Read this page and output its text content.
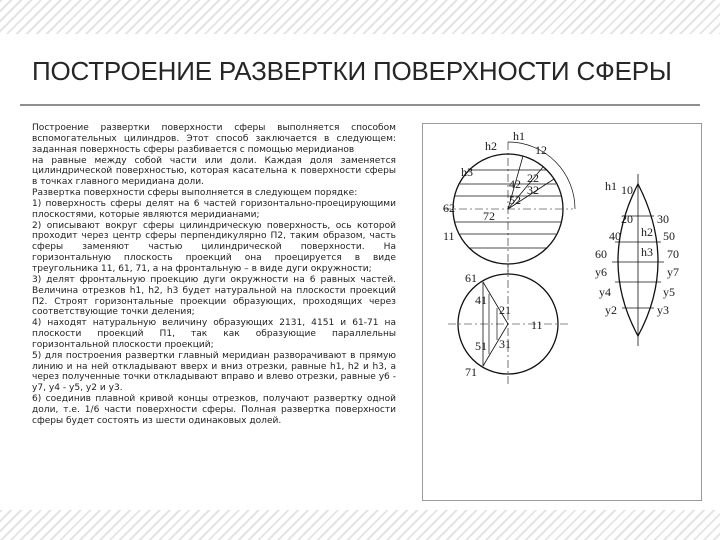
ПОСТРОЕНИЕ РАЗВЕРТКИ ПОВЕРХНОСТИ СФЕРЫ
Построение развертки поверхности сферы выполняется способом вспомогательных цилиндров. Этот способ заключается в следующем: заданная поверхность сферы разбивается с помощью меридианов
на равные между собой части или доли. Каждая доля заменяется цилиндрической поверхностью, которая касательна к поверхности сферы в точках главного меридиана доли.
Развертка поверхности сферы выполняется в следующем порядке:
1) поверхность сферы делят на 6 частей горизонтально-проецирующими плоскостями, которые являются меридианами;
2) описывают вокруг сферы цилиндрическую поверхность, ось которой проходит через центр сферы перпендикулярно П2, таким образом, часть сферы заменяют частью цилиндрической поверхности. На горизонтальную плоскость проекций она проецируется в виде треугольника 11, 61, 71, а на фронтальную – в виде дуги окружности;
3) делят фронтальную проекцию дуги окружности на 6 равных частей. Величина отрезков h1, h2, h3 будет натуральной на плоскости проекций П2. Строят горизонтальные проекции образующих, проходящих через соответствующие точки деления;
4) находят натуральную величину образующих 2131, 4151 и 61-71 на плоскости проекций П1, так как образующие параллельны горизонтальной плоскости проекций;
5) для построения развертки главный меридиан разворачивают в прямую линию и на ней откладывают вверх и вниз отрезки, равные h1, h2 и h3, а через полученные точки откладывают вправо и влево отрезки, равные y6 - y7, y4 - y5, y2 и y3.
6) соединив плавной кривой концы отрезков, получают развертку одной доли, т.е. 1/6 части поверхности сферы. Полная развертка поверхности сферы будет состоять из шести одинаковых долей.
h1
h2
h3
12
22
32
42
52
62
72
11
61
71
41
51
21
31
11
h1 10
20 30
40	50
60	70
h2
h3
y6	y7
y4	y5
y2	y3
